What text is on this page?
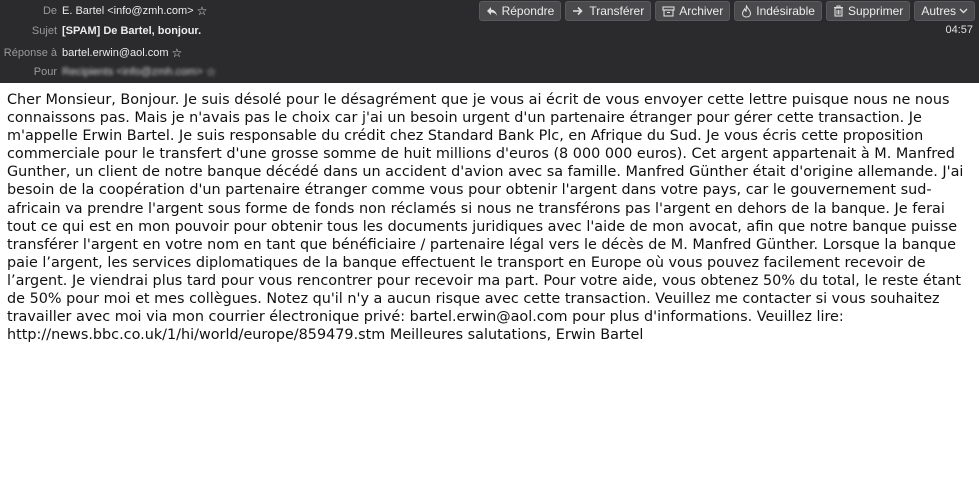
De E. Bartel <info@zmh.com> ☆
Sujet [SPAM] De Bartel, bonjour.
Réponse à bartel.erwin@aol.com ☆
Pour Recipients <info@zmh.com> ☆
Répondre	Transférer	Archiver	Indésirable	Supprimer Autres
04:57
Cher Monsieur, Bonjour. Je suis désolé pour le désagrément que je vous ai écrit de vous envoyer cette lettre puisque nous ne nous connaissons pas. Mais je n'avais pas le choix car j'ai un besoin urgent d'un partenaire étranger pour gérer cette transaction. Je m'appelle Erwin Bartel. Je suis responsable du crédit chez Standard Bank Plc, en Afrique du Sud. Je vous écris cette proposition commerciale pour le transfert d'une grosse somme de huit millions d'euros (8 000 000 euros). Cet argent appartenait à M. Manfred Gunther, un client de notre banque décédé dans un accident d'avion avec sa famille. Manfred Günther était d'origine allemande. J'ai besoin de la coopération d'un partenaire étranger comme vous pour obtenir l'argent dans votre pays, car le gouvernement sud-africain va prendre l'argent sous forme de fonds non réclamés si nous ne transférons pas l'argent en dehors de la banque. Je ferai tout ce qui est en mon pouvoir pour obtenir tous les documents juridiques avec l'aide de mon avocat, afin que notre banque puisse transférer l'argent en votre nom en tant que bénéficiaire / partenaire légal vers le décès de M. Manfred Günther. Lorsque la banque paie l’argent, les services diplomatiques de la banque effectuent le transport en Europe où vous pouvez facilement recevoir de l’argent. Je viendrai plus tard pour vous rencontrer pour recevoir ma part. Pour votre aide, vous obtenez 50% du total, le reste étant de 50% pour moi et mes collègues. Notez qu'il n'y a aucun risque avec cette transaction. Veuillez me contacter si vous souhaitez travailler avec moi via mon courrier électronique privé: bartel.erwin@aol.com pour plus d'informations. Veuillez lire: http://news.bbc.co.uk/1/hi/world/europe/859479.stm Meilleures salutations, Erwin Bartel
